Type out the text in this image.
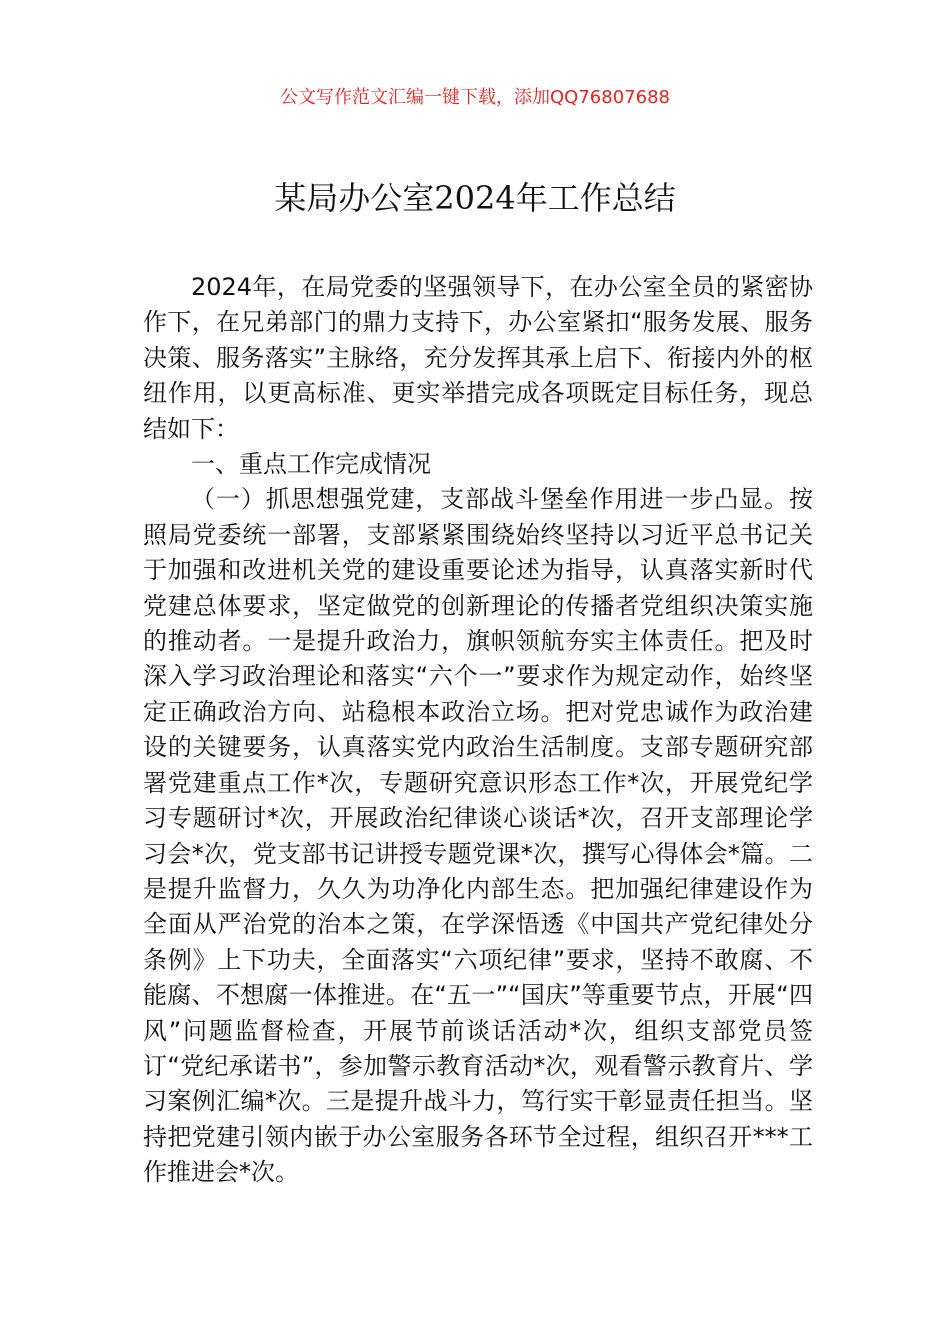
公文写作范文汇编一键下载，添加QQ76807688
某局办公室2024年工作总结

2024年，在局党委的坚强领导下，在办公室全员的紧密协作下，在兄弟部门的鼎力支持下，办公室紧扣“服务发展、服务决策、服务落实”主脉络，充分发挥其承上启下、衔接内外的枢纽作用，以更高标准、更实举措完成各项既定目标任务，现总结如下：

一、重点工作完成情况

（一）抓思想强党建，支部战斗堡垒作用进一步凸显。按照局党委统一部署，支部紧紧围绕始终坚持以习近平总书记关于加强和改进机关党的建设重要论述为指导，认真落实新时代党建总体要求，坚定做党的创新理论的传播者党组织决策实施的推动者。一是提升政治力，旗帜领航夯实主体责任。把及时深入学习政治理论和落实“六个一”要求作为规定动作，始终坚定正确政治方向、站稳根本政治立场。把对党忠诚作为政治建设的关键要务，认真落实党内政治生活制度。支部专题研究部署党建重点工作*次，专题研究意识形态工作*次，开展党纪学习专题研讨*次，开展政治纪律谈心谈话*次，召开支部理论学习会*次，党支部书记讲授专题党课*次，撰写心得体会*篇。二是提升监督力，久久为功净化内部生态。把加强纪律建设作为全面从严治党的治本之策，在学深悟透《中国共产党纪律处分条例》上下功夫，全面落实“六项纪律”要求，坚持不敢腐、不能腐、不想腐一体推进。在“五一”“国庆”等重要节点，开展“四风”问题监督检查，开展节前谈话活动*次，组织支部党员签订“党纪承诺书”，参加警示教育活动*次，观看警示教育片、学习案例汇编*次。三是提升战斗力，笃行实干彰显责任担当。坚持把党建引领内嵌于办公室服务各环节全过程，组织召开***工作推进会*次。
